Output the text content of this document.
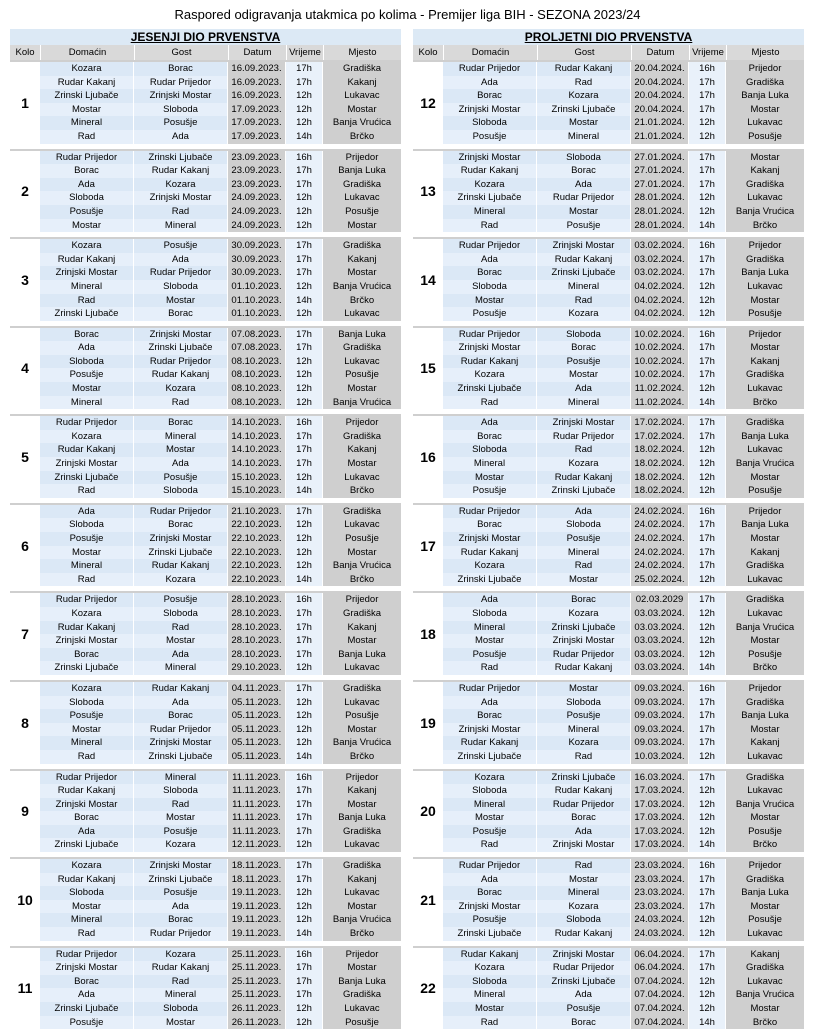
Raspored odigravanja utakmica po kolima - Premijer liga BIH - SEZONA 2023/24
JESENJI DIO PRVENSTVA
Kolo	Domaćin	Gost	Datum	Vrijeme	Mjesto
1
Kozara	Borac	16.09.2023.	17h	Gradiška
Rudar Kakanj	Rudar Prijedor	16.09.2023.	17h	Kakanj
Zrinski Ljubače	Zrinjski Mostar	16.09.2023.	12h	Lukavac
Mostar	Sloboda	17.09.2023.	12h	Mostar
Mineral	Posušje	17.09.2023.	12h	Banja Vrućica
Rad	Ada	17.09.2023.	14h	Brčko
2
Rudar Prijedor	Zrinski Ljubače	23.09.2023.	16h	Prijedor
Borac	Rudar Kakanj	23.09.2023.	17h	Banja Luka
Ada	Kozara	23.09.2023.	17h	Gradiška
Sloboda	Zrinjski Mostar	24.09.2023.	12h	Lukavac
Posušje	Rad	24.09.2023.	12h	Posušje
Mostar	Mineral	24.09.2023.	12h	Mostar
3
Kozara	Posušje	30.09.2023.	17h	Gradiška
Rudar Kakanj	Ada	30.09.2023.	17h	Kakanj
Zrinjski Mostar	Rudar Prijedor	30.09.2023.	17h	Mostar
Mineral	Sloboda	01.10.2023.	12h	Banja Vrućica
Rad	Mostar	01.10.2023.	14h	Brčko
Zrinski Ljubače	Borac	01.10.2023.	12h	Lukavac
4
Borac	Zrinjski Mostar	07.08.2023.	17h	Banja Luka
Ada	Zrinski Ljubače	07.08.2023.	17h	Gradiška
Sloboda	Rudar Prijedor	08.10.2023.	12h	Lukavac
Posušje	Rudar Kakanj	08.10.2023.	12h	Posušje
Mostar	Kozara	08.10.2023.	12h	Mostar
Mineral	Rad	08.10.2023.	12h	Banja Vrućica
5
Rudar Prijedor	Borac	14.10.2023.	16h	Prijedor
Kozara	Mineral	14.10.2023.	17h	Gradiška
Rudar Kakanj	Mostar	14.10.2023.	17h	Kakanj
Zrinjski Mostar	Ada	14.10.2023.	17h	Mostar
Zrinski Ljubače	Posušje	15.10.2023.	12h	Lukavac
Rad	Sloboda	15.10.2023.	14h	Brčko
6
Ada	Rudar Prijedor	21.10.2023.	17h	Gradiška
Sloboda	Borac	22.10.2023.	12h	Lukavac
Posušje	Zrinjski Mostar	22.10.2023.	12h	Posušje
Mostar	Zrinski Ljubače	22.10.2023.	12h	Mostar
Mineral	Rudar Kakanj	22.10.2023.	12h	Banja Vrućica
Rad	Kozara	22.10.2023.	14h	Brčko
7
Rudar Prijedor	Posušje	28.10.2023.	16h	Prijedor
Kozara	Sloboda	28.10.2023.	17h	Gradiška
Rudar Kakanj	Rad	28.10.2023.	17h	Kakanj
Zrinjski Mostar	Mostar	28.10.2023.	17h	Mostar
Borac	Ada	28.10.2023.	17h	Banja Luka
Zrinski Ljubače	Mineral	29.10.2023.	12h	Lukavac
8
Kozara	Rudar Kakanj	04.11.2023.	17h	Gradiška
Sloboda	Ada	05.11.2023.	12h	Lukavac
Posušje	Borac	05.11.2023.	12h	Posušje
Mostar	Rudar Prijedor	05.11.2023.	12h	Mostar
Mineral	Zrinjski Mostar	05.11.2023.	12h	Banja Vrućica
Rad	Zrinski Ljubače	05.11.2023.	14h	Brčko
9
Rudar Prijedor	Mineral	11.11.2023.	16h	Prijedor
Rudar Kakanj	Sloboda	11.11.2023.	17h	Kakanj
Zrinjski Mostar	Rad	11.11.2023.	17h	Mostar
Borac	Mostar	11.11.2023.	17h	Banja Luka
Ada	Posušje	11.11.2023.	17h	Gradiška
Zrinski Ljubače	Kozara	12.11.2023.	12h	Lukavac
10
Kozara	Zrinjski Mostar	18.11.2023.	17h	Gradiška
Rudar Kakanj	Zrinski Ljubače	18.11.2023.	17h	Kakanj
Sloboda	Posušje	19.11.2023.	12h	Lukavac
Mostar	Ada	19.11.2023.	12h	Mostar
Mineral	Borac	19.11.2023.	12h	Banja Vrućica
Rad	Rudar Prijedor	19.11.2023.	14h	Brčko
11
Rudar Prijedor	Kozara	25.11.2023.	16h	Prijedor
Zrinjski Mostar	Rudar Kakanj	25.11.2023.	17h	Mostar
Borac	Rad	25.11.2023.	17h	Banja Luka
Ada	Mineral	25.11.2023.	17h	Gradiška
Zrinski Ljubače	Sloboda	26.11.2023.	12h	Lukavac
Posušje	Mostar	26.11.2023.	12h	Posušje
PROLJETNI DIO PRVENSTVA
Kolo	Domaćin	Gost	Datum	Vrijeme	Mjesto
12
Rudar Prijedor	Rudar Kakanj	20.04.2024.	16h	Prijedor
Ada	Rad	20.04.2024.	17h	Gradiška
Borac	Kozara	20.04.2024.	17h	Banja Luka
Zrinjski Mostar	Zrinski Ljubače	20.04.2024.	17h	Mostar
Sloboda	Mostar	21.01.2024.	12h	Lukavac
Posušje	Mineral	21.01.2024.	12h	Posušje
13
Zrinjski Mostar	Sloboda	27.01.2024.	17h	Mostar
Rudar Kakanj	Borac	27.01.2024.	17h	Kakanj
Kozara	Ada	27.01.2024.	17h	Gradiška
Zrinski Ljubače	Rudar Prijedor	28.01.2024.	12h	Lukavac
Mineral	Mostar	28.01.2024.	12h	Banja Vrućica
Rad	Posušje	28.01.2024.	14h	Brčko
14
Rudar Prijedor	Zrinjski Mostar	03.02.2024.	16h	Prijedor
Ada	Rudar Kakanj	03.02.2024.	17h	Gradiška
Borac	Zrinski Ljubače	03.02.2024.	17h	Banja Luka
Sloboda	Mineral	04.02.2024.	12h	Lukavac
Mostar	Rad	04.02.2024.	12h	Mostar
Posušje	Kozara	04.02.2024.	12h	Posušje
15
Rudar Prijedor	Sloboda	10.02.2024.	16h	Prijedor
Zrinjski Mostar	Borac	10.02.2024.	17h	Mostar
Rudar Kakanj	Posušje	10.02.2024.	17h	Kakanj
Kozara	Mostar	10.02.2024.	17h	Gradiška
Zrinski Ljubače	Ada	11.02.2024.	12h	Lukavac
Rad	Mineral	11.02.2024.	14h	Brčko
16
Ada	Zrinjski Mostar	17.02.2024.	17h	Gradiška
Borac	Rudar Prijedor	17.02.2024.	17h	Banja Luka
Sloboda	Rad	18.02.2024.	12h	Lukavac
Mineral	Kozara	18.02.2024.	12h	Banja Vrućica
Mostar	Rudar Kakanj	18.02.2024.	12h	Mostar
Posušje	Zrinski Ljubače	18.02.2024.	12h	Posušje
17
Rudar Prijedor	Ada	24.02.2024.	16h	Prijedor
Borac	Sloboda	24.02.2024.	17h	Banja Luka
Zrinjski Mostar	Posušje	24.02.2024.	17h	Mostar
Rudar Kakanj	Mineral	24.02.2024.	17h	Kakanj
Kozara	Rad	24.02.2024.	17h	Gradiška
Zrinski Ljubače	Mostar	25.02.2024.	12h	Lukavac
18
Ada	Borac	02.03.2029	17h	Gradiška
Sloboda	Kozara	03.03.2024.	12h	Lukavac
Mineral	Zrinski Ljubače	03.03.2024.	12h	Banja Vrućica
Mostar	Zrinjski Mostar	03.03.2024.	12h	Mostar
Posušje	Rudar Prijedor	03.03.2024.	12h	Posušje
Rad	Rudar Kakanj	03.03.2024.	14h	Brčko
19
Rudar Prijedor	Mostar	09.03.2024.	16h	Prijedor
Ada	Sloboda	09.03.2024.	17h	Gradiška
Borac	Posušje	09.03.2024.	17h	Banja Luka
Zrinjski Mostar	Mineral	09.03.2024.	17h	Mostar
Rudar Kakanj	Kozara	09.03.2024.	17h	Kakanj
Zrinski Ljubače	Rad	10.03.2024.	12h	Lukavac
20
Kozara	Zrinski Ljubače	16.03.2024.	17h	Gradiška
Sloboda	Rudar Kakanj	17.03.2024.	12h	Lukavac
Mineral	Rudar Prijedor	17.03.2024.	12h	Banja Vrućica
Mostar	Borac	17.03.2024.	12h	Mostar
Posušje	Ada	17.03.2024.	12h	Posušje
Rad	Zrinjski Mostar	17.03.2024.	14h	Brčko
21
Rudar Prijedor	Rad	23.03.2024.	16h	Prijedor
Ada	Mostar	23.03.2024.	17h	Gradiška
Borac	Mineral	23.03.2024.	17h	Banja Luka
Zrinjski Mostar	Kozara	23.03.2024.	17h	Mostar
Posušje	Sloboda	24.03.2024.	12h	Posušje
Zrinski Ljubače	Rudar Kakanj	24.03.2024.	12h	Lukavac
22
Rudar Kakanj	Zrinjski Mostar	06.04.2024.	17h	Kakanj
Kozara	Rudar Prijedor	06.04.2024.	17h	Gradiška
Sloboda	Zrinski Ljubače	07.04.2024.	12h	Lukavac
Mineral	Ada	07.04.2024.	12h	Banja Vrućica
Mostar	Posušje	07.04.2024.	12h	Mostar
Rad	Borac	07.04.2024.	14h	Brčko
